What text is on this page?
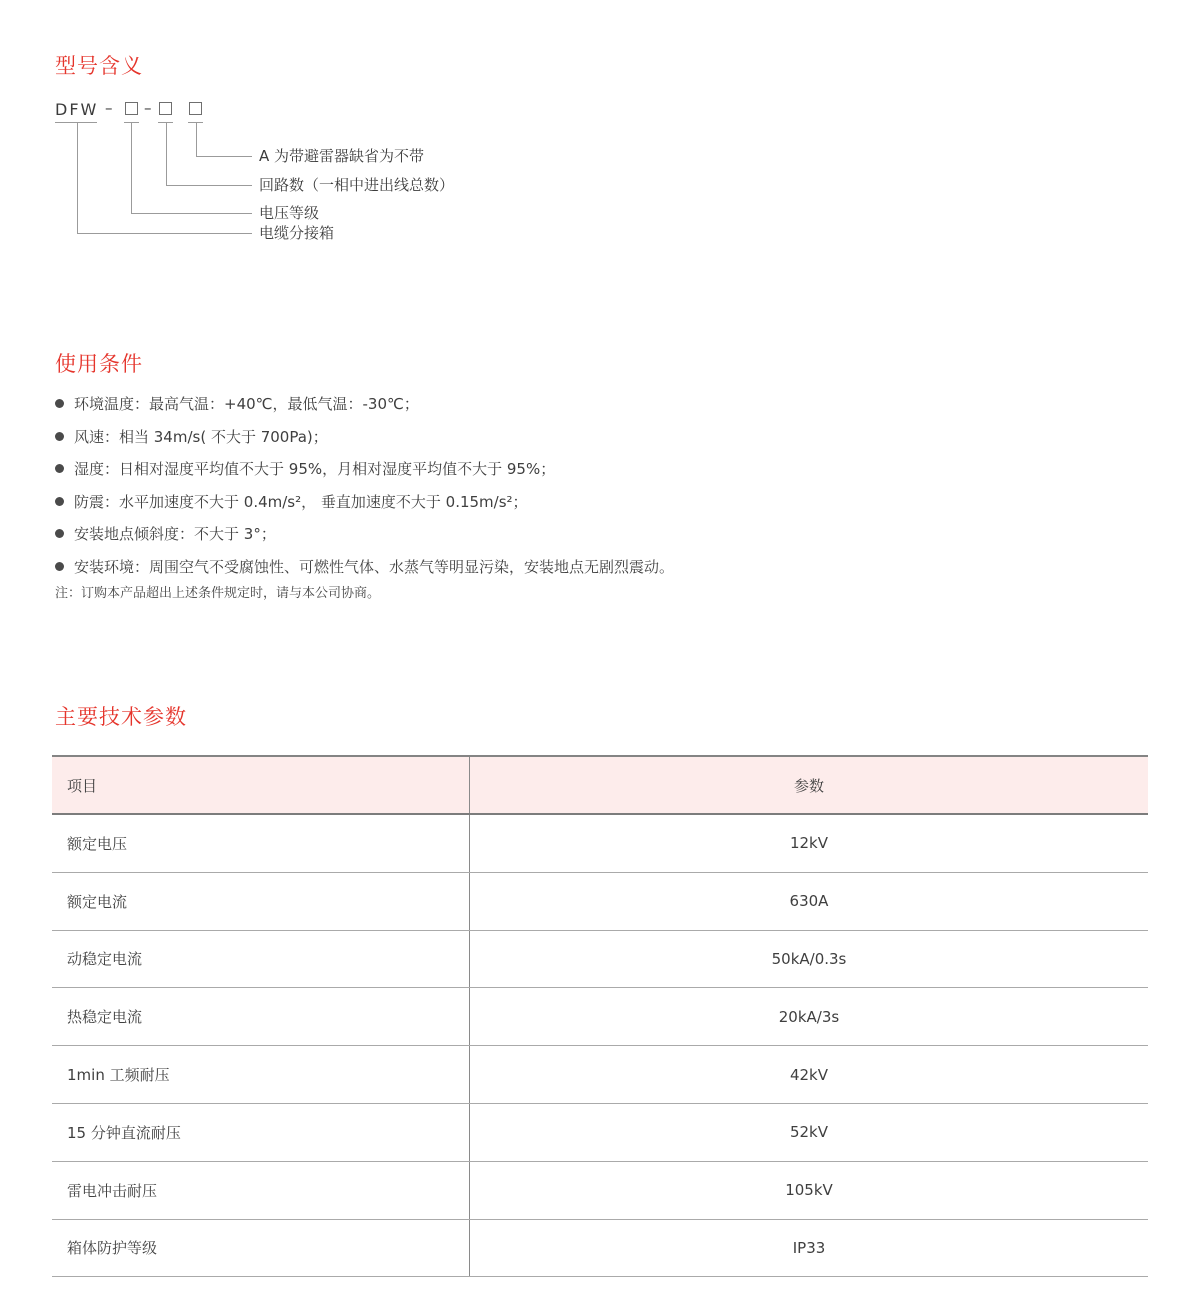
型号含义
DFW – –
A 为带避雷器缺省为不带
回路数（一相中进出线总数）
电压等级
电缆分接箱
使用条件
环境温度：最高气温：+40℃，最低气温：-30℃；
风速：相当 34m/s( 不大于 700Pa)；
湿度：日相对湿度平均值不大于 95%，月相对湿度平均值不大于 95%；
防震：水平加速度不大于 0.4m/s²， 垂直加速度不大于 0.15m/s²；
安装地点倾斜度：不大于 3°；
安装环境：周围空气不受腐蚀性、可燃性气体、水蒸气等明显污染，安装地点无剧烈震动。
注：订购本产品超出上述条件规定时，请与本公司协商。
主要技术参数
项目	参数
额定电压	12kV
额定电流	630A
动稳定电流	50kA/0.3s
热稳定电流	20kA/3s
1min 工频耐压	42kV
15 分钟直流耐压	52kV
雷电冲击耐压	105kV
箱体防护等级	IP33
